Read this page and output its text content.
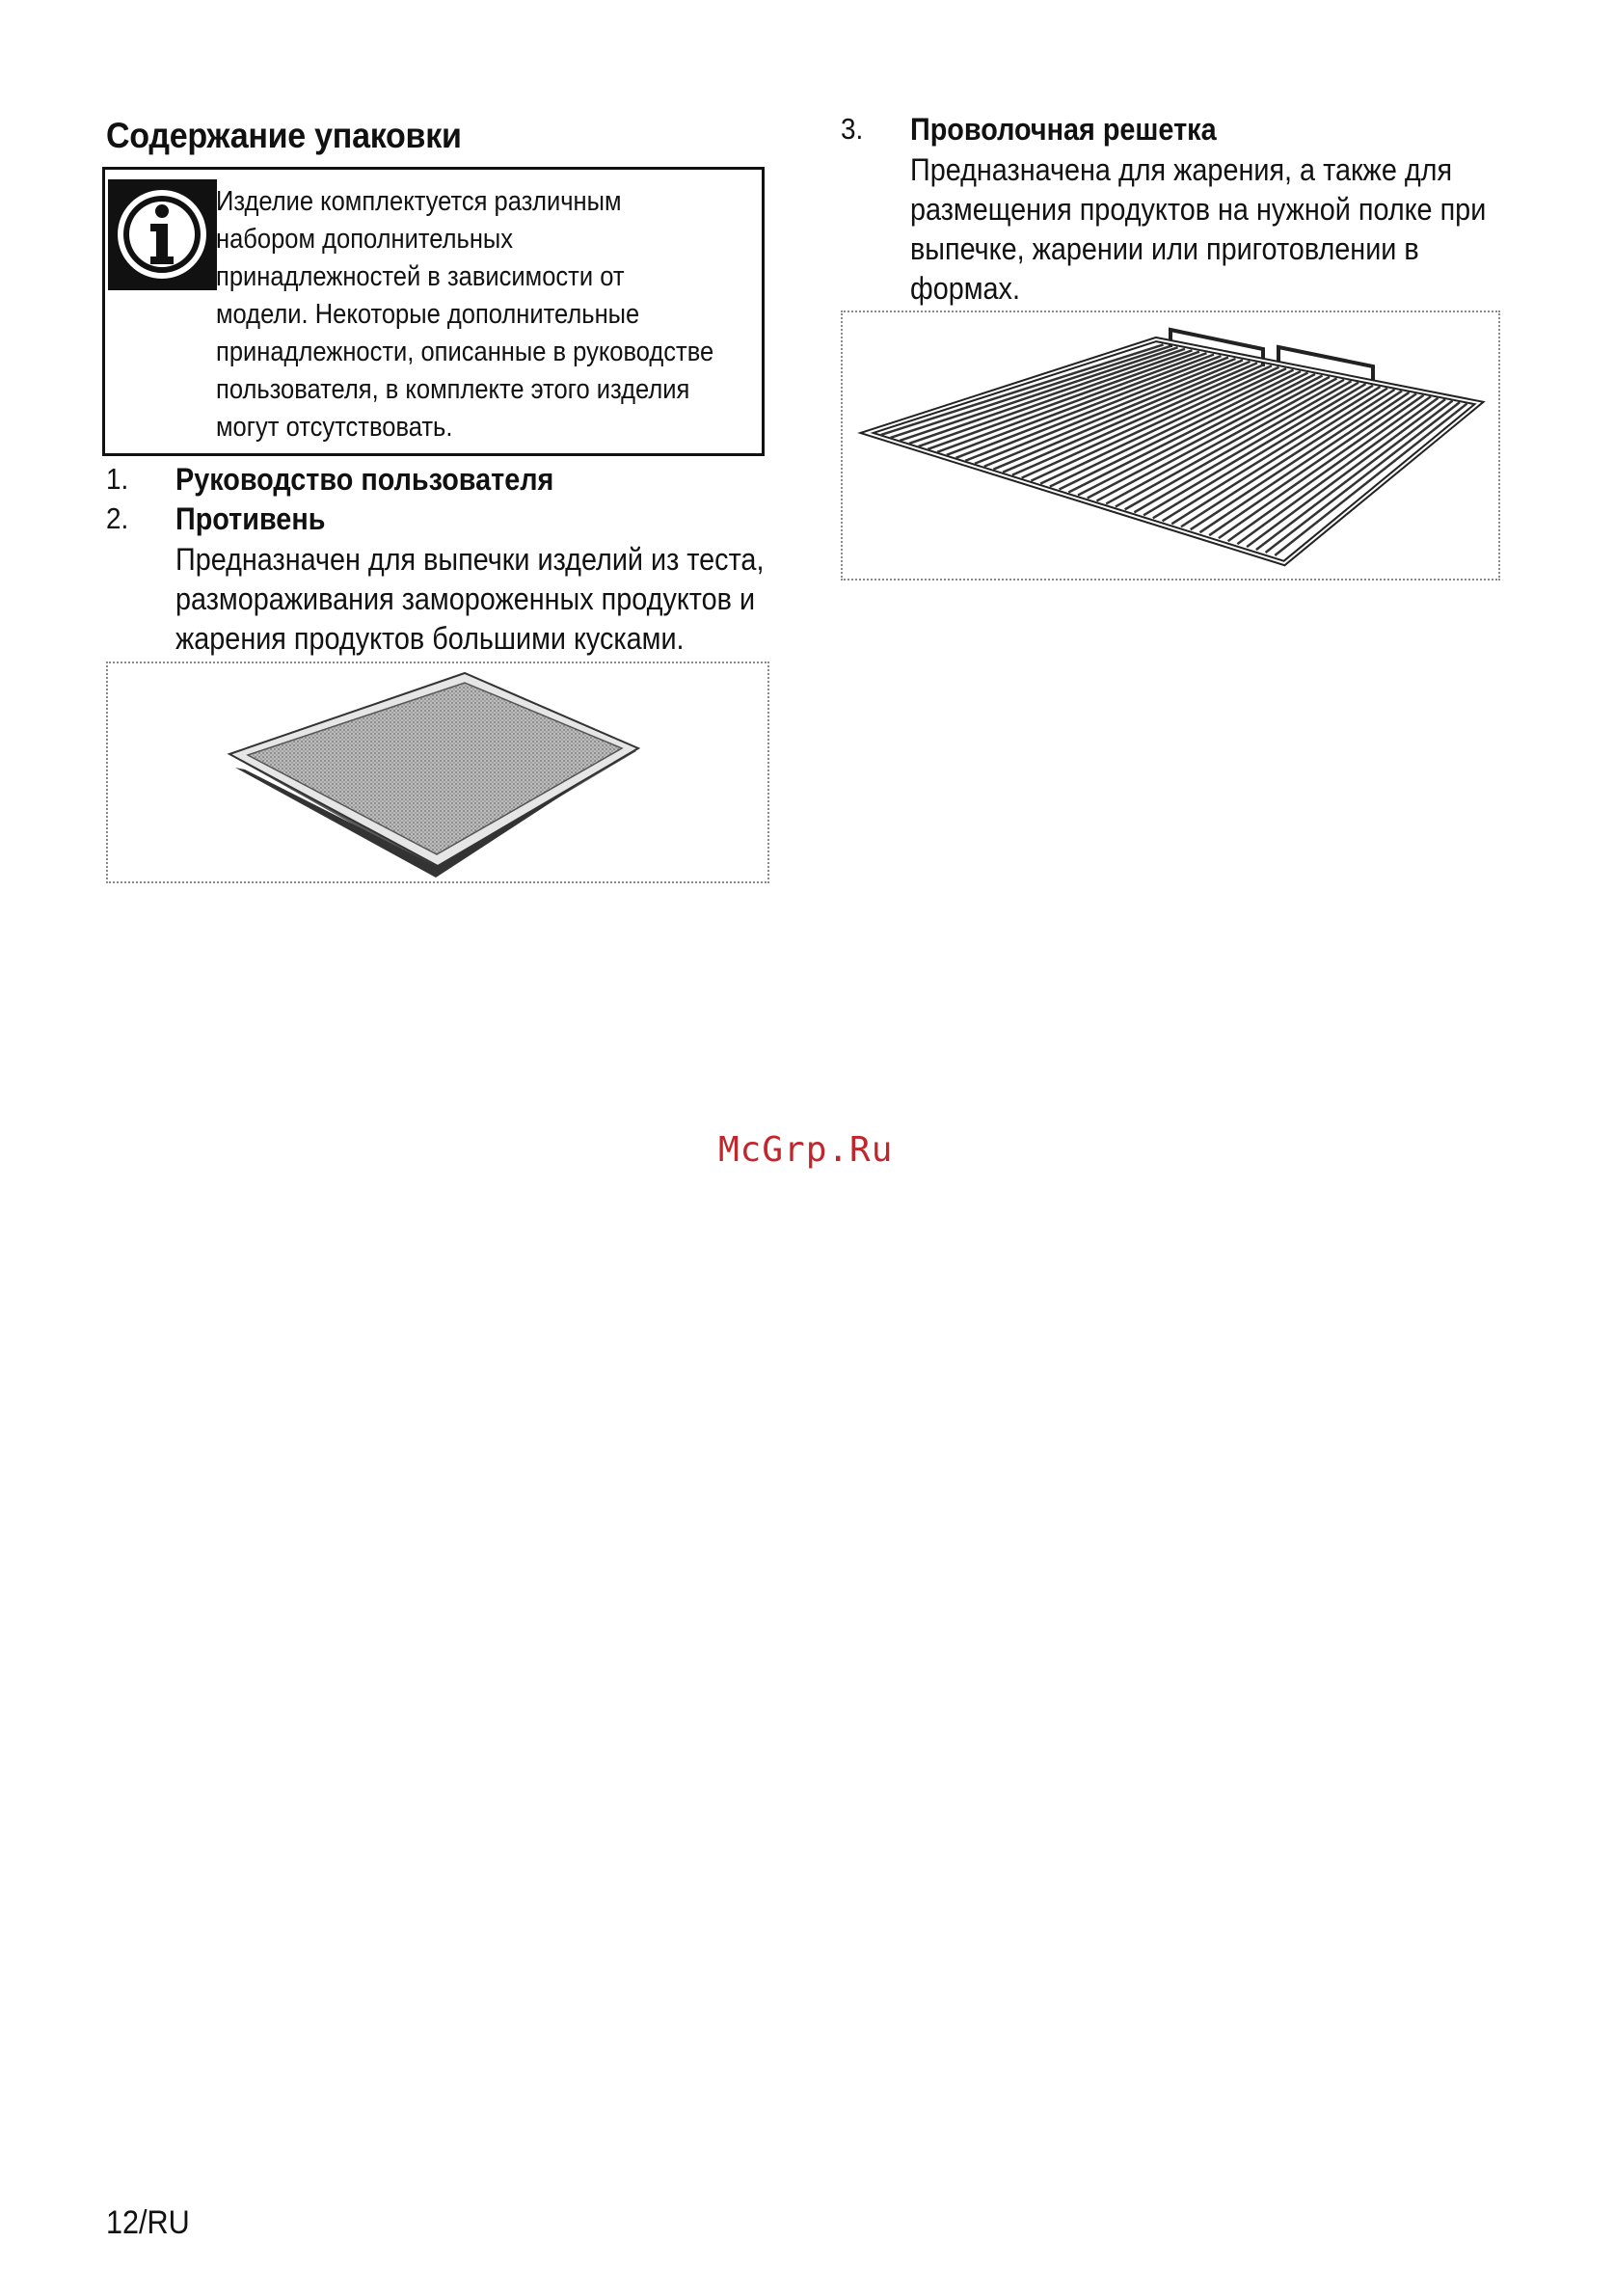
Содержание упаковки

Изделие комплектуется различным

набором дополнительных

принадлежностей в зависимости от

модели. Некоторые дополнительные

принадлежности, описанные в руководстве

пользователя, в комплекте этого изделия

могут отсутствовать.

1. Руководство пользователя
2. Противень

Предназначен для выпечки изделий из теста,

размораживания замороженных продуктов и

жарения продуктов большими кусками.

3. Проволочная решетка

Предназначена для жарения, а также для

размещения продуктов на нужной полке при

выпечке, жарении или приготовлении в

формах.

McGrp.Ru
12/RU
